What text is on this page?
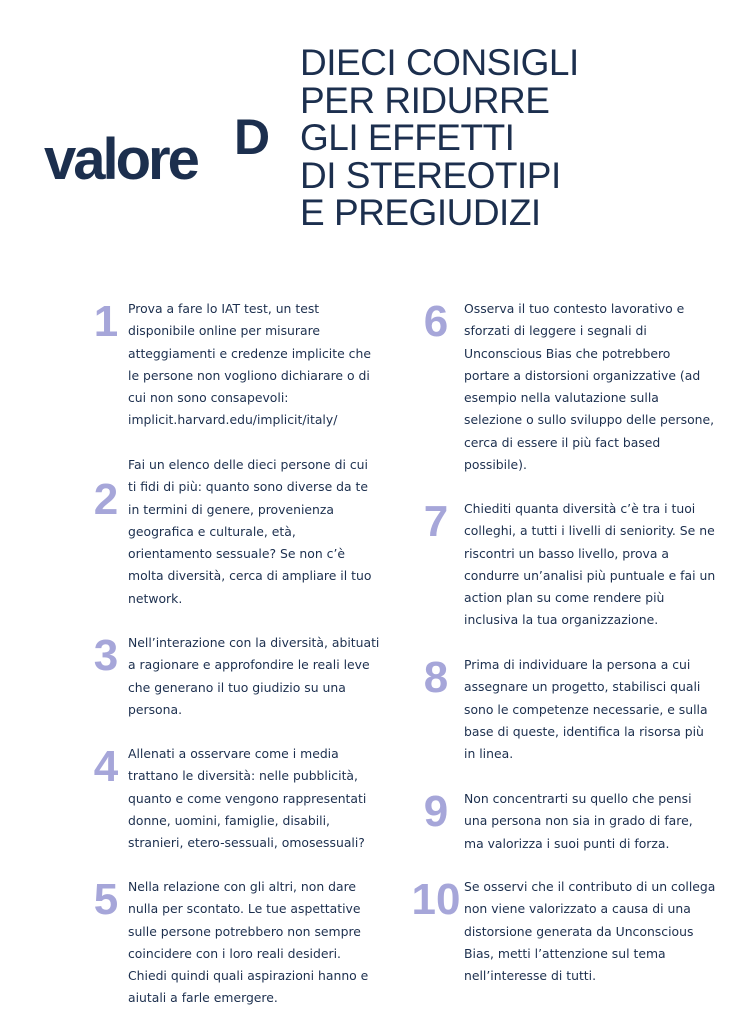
valore D
DIECI CONSIGLI
PER RIDURRE
GLI EFFETTI
DI STEREOTIPI
E PREGIUDIZI
1 Prova a fare lo IAT test, un test disponibile online per misurare atteggiamenti e credenze implicite che le persone non vogliono dichiarare o di cui non sono consapevoli: implicit.harvard.edu/implicit/italy/

2

Fai un elenco delle dieci persone di cui ti fidi di più: quanto sono diverse da te in termini di genere, provenienza geografica e culturale, età, orientamento sessuale? Se non c’è molta diversità, cerca di ampliare il tuo network.

3 Nell’interazione con la diversità, abituati a ragionare e approfondire le reali leve che generano il tuo giudizio su una persona.

4 Allenati a osservare come i media trattano le diversità: nelle pubblicità, quanto e come vengono rappresentati donne, uomini, famiglie, disabili, stranieri, etero-sessuali, omosessuali?

5 Nella relazione con gli altri, non dare nulla per scontato. Le tue aspettative sulle persone potrebbero non sempre coincidere con i loro reali desideri. Chiedi quindi quali aspirazioni hanno e aiutali a farle emergere.

6	Osserva il tuo contesto lavorativo e sforzati di leggere i segnali di Unconscious Bias che potrebbero portare a distorsioni organizzative (ad esempio nella valutazione sulla selezione o sullo sviluppo delle persone, cerca di essere il più fact based possibile).

7	Chiediti quanta diversità c’è tra i tuoi colleghi, a tutti i livelli di seniority. Se ne riscontri un basso livello, prova a condurre un’analisi più puntuale e fai un action plan su come rendere più inclusiva la tua organizzazione.

8	Prima di individuare la persona a cui assegnare un progetto, stabilisci quali sono le competenze necessarie, e sulla base di queste, identifica la risorsa più in linea.

9	Non concentrarti su quello che pensi una persona non sia in grado di fare, ma valorizza i suoi punti di forza.

10 Se osservi che il contributo di un collega non viene valorizzato a causa di una distorsione generata da Unconscious Bias, metti l’attenzione sul tema nell’interesse di tutti.
